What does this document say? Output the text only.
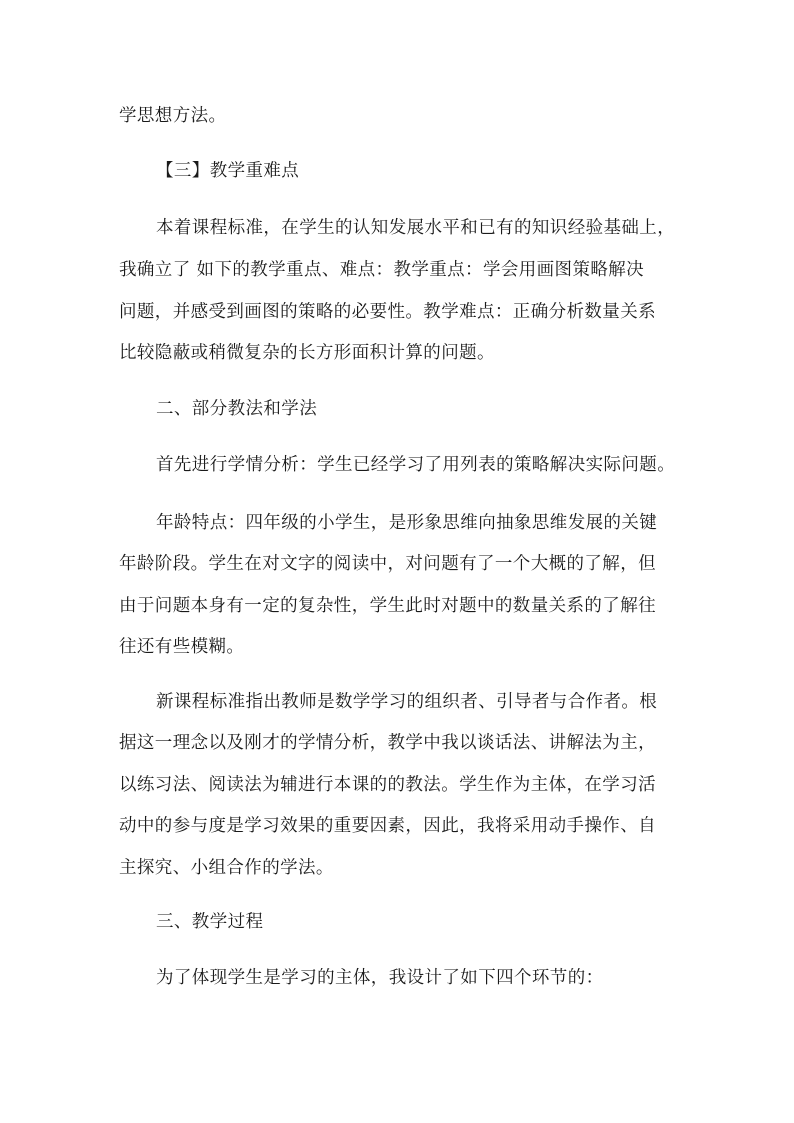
学思想方法。

【三】教学重难点

本着课程标准，在学生的认知发展水平和已有的知识经验基础上，

我确立了 如下的教学重点、难点：教学重点：学会用画图策略解决

问题，并感受到画图的策略的必要性。教学难点：正确分析数量关系

比较隐蔽或稍微复杂的长方形面积计算的问题。

二、部分教法和学法

首先进行学情分析：学生已经学习了用列表的策略解决实际问题。

年龄特点：四年级的小学生，是形象思维向抽象思维发展的关键

年龄阶段。学生在对文字的阅读中，对问题有了一个大概的了解，但

由于问题本身有一定的复杂性，学生此时对题中的数量关系的了解往

往还有些模糊。

新课程标准指出教师是数学学习的组织者、引导者与合作者。根

据这一理念以及刚才的学情分析，教学中我以谈话法、讲解法为主，

以练习法、阅读法为辅进行本课的的教法。学生作为主体，在学习活

动中的参与度是学习效果的重要因素，因此，我将采用动手操作、自

主探究、小组合作的学法。

三、教学过程

为了体现学生是学习的主体，我设计了如下四个环节的：
